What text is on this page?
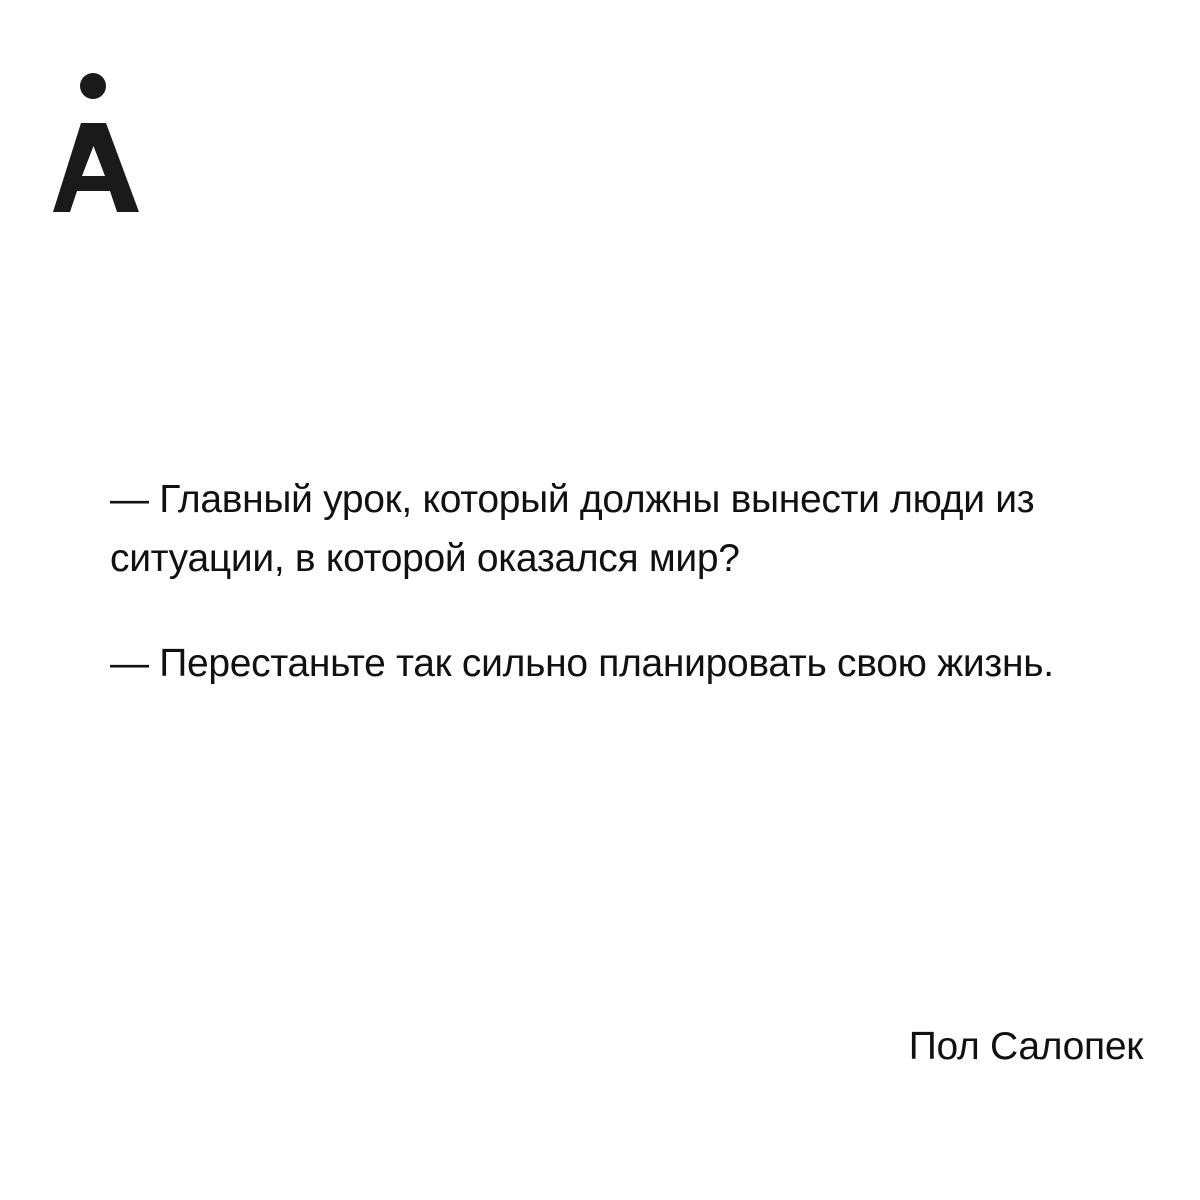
— Главный урок, который должны вынести люди из ситуации, в которой оказался мир?

— Перестаньте так сильно планировать свою жизнь.

Пол Салопек
